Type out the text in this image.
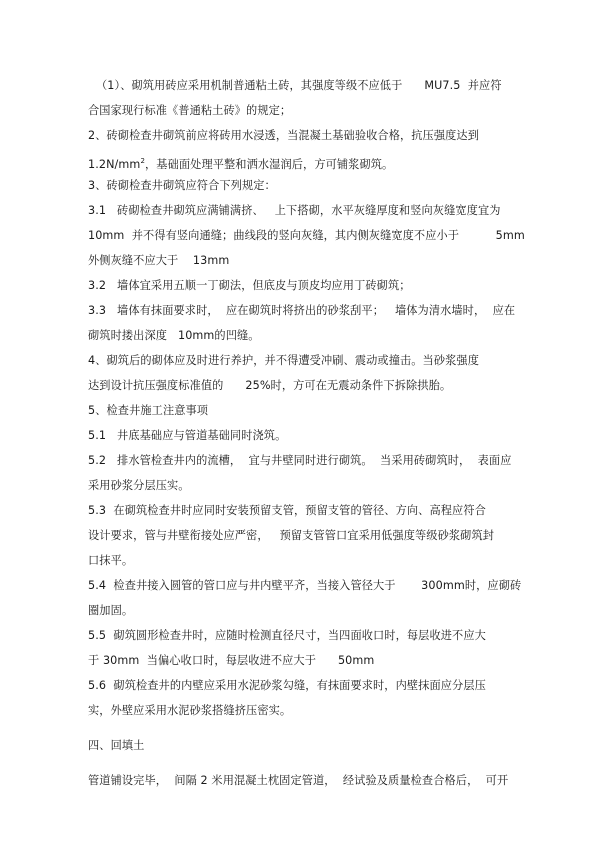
（1）、砌筑用砖应采用机制普通粘土砖，其强度等级不应低于      MU7.5  并应符
合国家现行标准《普通粘土砖》的规定；
2、砖砌检查井砌筑前应将砖用水浸透，当混凝土基础验收合格，抗压强度达到
$1.2N/mm^2$，基础面处理平整和洒水湿润后，方可铺浆砌筑。
3、砖砌检查井砌筑应符合下列规定：
3.1   砖砌检查井砌筑应满铺满挤、   上下搭砌，水平灰缝厚度和竖向灰缝宽度宜为
10mm  并不得有竖向通缝；曲线段的竖向灰缝，其内侧灰缝宽度不应小于          5mm
外侧灰缝不应大于    13mm
3.2   墙体宜采用五顺一丁砌法，但底皮与顶皮均应用丁砖砌筑；
3.3   墙体有抹面要求时，  应在砌筑时将挤出的砂浆刮平；   墙体为清水墙时，  应在
砌筑时搂出深度   10mm的凹缝。
4、砌筑后的砌体应及时进行养护，并不得遭受冲刷、震动或撞击。当砂浆强度
达到设计抗压强度标准值的      25%时，方可在无震动条件下拆除拱胎。
5、检查井施工注意事项
5.1   井底基础应与管道基础同时浇筑。
5.2   排水管检查井内的流槽，  宜与井壁同时进行砌筑。  当采用砖砌筑时，  表面应
采用砂浆分层压实。
5.3  在砌筑检查井时应同时安装预留支管，预留支管的管径、方向、高程应符合
设计要求，管与井壁衔接处应严密，   预留支管管口宜采用低强度等级砂浆砌筑封
口抹平。
5.4  检查井接入圆管的管口应与井内壁平齐，当接入管径大于       300mm时，应砌砖
圈加固。
5.5  砌筑圆形检查井时，应随时检测直径尺寸，当四面收口时，每层收进不应大
于 30mm  当偏心收口时，每层收进不应大于      50mm
5.6  砌筑检查井的内壁应采用水泥砂浆勾缝，有抹面要求时，内壁抹面应分层压
实，外壁应采用水泥砂浆搭缝挤压密实。
四、回填土
管道铺设完毕，  间隔 2 米用混凝土枕固定管道，  经试验及质量检查合格后，  可开
